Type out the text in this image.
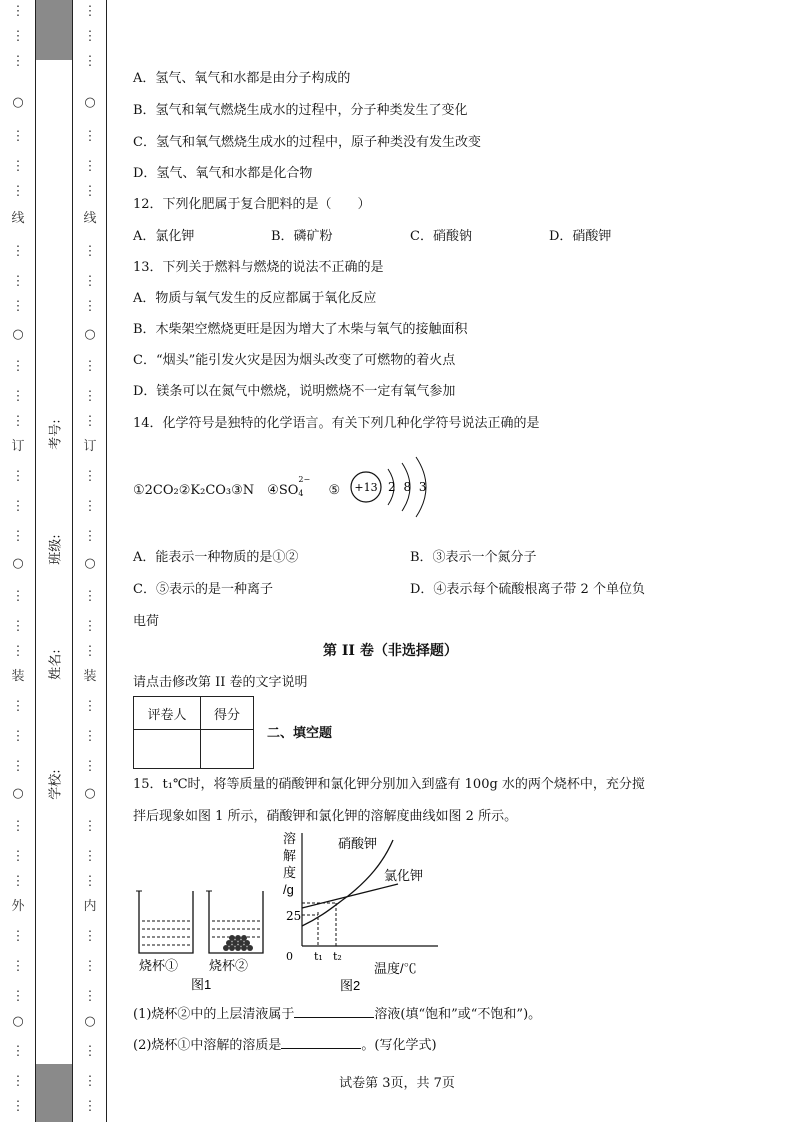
⋮
⋮
⋮
○
⋮
⋮
⋮
线
⋮
⋮
⋮
○
⋮
⋮
⋮
订
⋮
⋮
⋮
○
⋮
⋮
⋮
装
⋮
⋮
⋮
○
⋮
⋮
⋮
外
⋮
⋮
⋮
○
⋮
⋮
⋮
⋮
⋮
⋮
○
⋮
⋮
⋮
线
⋮
⋮
⋮
○
⋮
⋮
⋮
订
⋮
⋮
⋮
○
⋮
⋮
⋮
装
⋮
⋮
⋮
○
⋮
⋮
⋮
内
⋮
⋮
⋮
○
⋮
⋮
⋮
学校:
姓名:
班级:
考号:
A．氢气、氧气和水都是由分子构成的
B．氢气和氧气燃烧生成水的过程中，分子种类发生了变化
C．氢气和氧气燃烧生成水的过程中，原子种类没有发生改变
D．氢气、氧气和水都是化合物
12．下列化肥属于复合肥料的是（　　）
A．氯化钾	B．磷矿粉	C．硝酸钠	D．硝酸钾
13．下列关于燃料与燃烧的说法不正确的是
A．物质与氧气发生的反应都属于氧化反应
B．木柴架空燃烧更旺是因为增大了木柴与氧气的接触面积
C．“烟头”能引发火灾是因为烟头改变了可燃物的着火点
D．镁条可以在氮气中燃烧，说明燃烧不一定有氧气参加
14．化学符号是独特的化学语言。有关下列几种化学符号说法正确的是
①2CO₂②K₂CO₃③N　④SO
2−
4 ⑤ +13 2 8 3
A．能表示一种物质的是①②	B．③表示一个氮分子
C．⑤表示的是一种离子	D．④表示每个硫酸根离子带 2 个单位负
电荷
第 II 卷（非选择题）
请点击修改第 II 卷的文字说明
评卷人	得分

二、填空题
15．t₁℃时，将等质量的硝酸钾和氯化钾分别加入到盛有 100g 水的两个烧杯中，充分搅
拌后现象如图 1 所示，硝酸钾和氯化钾的溶解度曲线如图 2 所示。
烧杯① 烧杯②
图1
溶
解
度
/g
25
0 t₁ t₂
温度/℃
图2
硝酸钾
氯化钾
(1)烧杯②中的上层清液属于	溶液(填“饱和”或“不饱和”)。
(2)烧杯①中溶解的溶质是	。(写化学式)
试卷第 3页，共 7页
